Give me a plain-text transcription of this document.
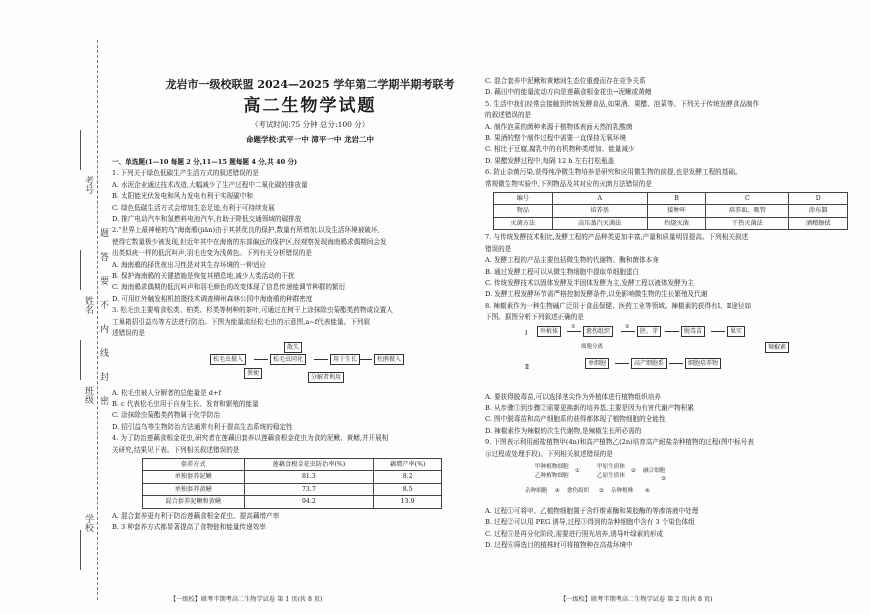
考号
姓名
班级
学校
题
答
要
不
内
线
封
密
龙岩市一级校联盟 2024—2025 学年第二学期半期考联考
高二生物学试题
（考试时间:75 分钟 总分:100 分）
命题学校:武平一中 漳平一中 龙岩二中

一、单选题(1—10 每题 2 分,11—15 题每题 4 分,共 40 分)

1. 下列关于绿色低碳生产生活方式的叙述错误的是

A. 水泥企业通过技术改造,大幅减少了生产过程中二氧化碳的排放量

B. 太阳能光伏发电和风力发电有利于实现碳中和

C. 绿色低碳生活方式会增加生态足迹,有利于可持续发展

D. 推广电动汽车和氢燃料电池汽车,有助于降低交通领域的碳排放

2.“世界上最神秘的鸟”海南鳽(jiān)由于其甚优良的保护,数量有所增加,以及生活环境被破坏,

使得它数量极少被发现,但近年其中在海南的东部偏远的保护区,经观察发现海南鳽求偶期间会发

出类似疣一样的低沉叫声,羽毛也变为浅黄色。下列有关分析错误的是

A. 海南鳽的择优夜出习性是对其生存环境的一种适应

B. 保护海南鳽的关键措施是恢复其栖息地,减少人类活动的干扰

C. 海南鳽求偶期的低沉叫声和羽毛颜色的改变体现了信息传递能调节种群的繁衍

D. 可用红外触发相机拍摄技术调查柳州森林公园中海南鳽的种群密度

3. 松毛虫主要啃食松类、柏类、杉类等树种的茶叶,可通过在树干上涂抹除虫菊酯类药物或设置人

工巢箱招引益鸟等方法进行防治。下图为能量流经松毛虫的示意图,a~f代表能量。下列叙

述错误的是

松毛虫摄入	松毛虫同化	用于生长	杜鹃摄入
散失
粪便
分解者利用

A. 松毛虫被人分解者的总能量是 d+f

B. c 代表松毛虫用于自身生长、发育和繁殖的能量

C. 涂抹除虫菊酯类药物属于化学防治

D. 招引益鸟等生物防治方法通常有利于提高生态系统的稳定性

4. 为了防治莲藕食根金花虫,研究者在莲藕田套养以莲藕食根金花虫为食的泥鳅、黄鳝,并开展相

关研究,结果见下表。下列相关叙述错误的是

套养方式	莲藕食根金花虫防治率(%)	藕增产率(%)
单独套养泥鳅	81.3	8.2
单独套养黄鳝	73.7	8.5
混合套养泥鳅和黄鳝	94.2	13.9

A. 混合套养更有利于防治莲藕食根金花虫、提高藕增产率

B. 3 种套养方式都显著提高了食物链和能量传递效率

C. 混合套养中泥鳅和黄鳝间生态位重叠而存在竞争关系

D. 藕田中的能量流动方向是莲藕食根金花虫→泥鳅或黄鳝

5. 生活中我们经常会接触到传统发酵食品,如果酒、果醋、泡菜等。下列关于传统发酵食品制作

的叙述错误的是

A. 制作泡菜的菌种来源于植物体表面天然的乳酸菌

B. 果酒的整个制作过程中需要一直保持无氧环境

C. 相比于豆腐,腐乳中的有机物种类增加、能量减少

D. 果醋发酵过程中,每隔 12 h 左右打松瓶盖

6. 防止杂菌污染,获得纯净微生物培养是研究和应用微生物的前提,也是发酵工程的基础。

常规微生物实验中,下列物品及其对应的灭菌方法错误的是

编号	A	B	C	D
物品	培养基	接种环	培养皿、吸管	涂布器
灭菌方法	高压蒸汽灭菌法	灼烧灭菌	干热灭菌法	酒精擦拭

7. 与传统发酵技术相比,发酵工程的产品种类更加丰富,产量和质量明显提高。下列相关叙述

错误的是

A. 发酵工程的产品主要包括微生物的代谢物、酶和菌体本身

B. 通过发酵工程可以从微生物细胞中提取单细胞蛋白

C. 传统发酵技术以固体发酵及半固体发酵为主,发酵工程以液体发酵为主

D. 发酵工程发酵环节需严格控制发酵条件,以免影响微生物的生长繁殖及代谢

8. 辣椒素作为一种生物碱广泛用于食品保健、医药工业等领域。辣椒素的获得有Ⅰ、Ⅱ途径如

下图。据图分析下列叙述正确的是

Ⅰ
Ⅱ
外植体
①
愈伤组织
②
胚、芽	脱毒苗	果实
辣椒素
细胞分离
单细胞	高产细胞系	细胞培养物

A. 要获得脱毒苗,可以选择茎尖作为外植体进行植物组织培养

B. 从步骤①到步骤②需要更换新的培养基,主要是因为有害代谢产物积累

C. 图中脱毒苗和高产细胞系的获得都体现了植物细胞的全能性

D. 辣椒素作为辣椒的次生代谢物,是辣椒生长所必需的

9. 下图表示利用耐盐植物甲(4n)和高产植物乙(2n)培育高产耐盐杂种植物的过程(图中标号表

示过程或处理手段)。下列相关叙述错误的是

甲种植物细胞
乙种植物细胞
①
甲原生质体
乙原生质体
② 融合细胞
杂种细胞 ④ 愈伤组织 ⑤ 杂种植株 ⑥
③

A. 过程①可将甲、乙植物细胞置于含纤维素酶和果胶酶的等渗溶液中处理

B. 过程②可以用 PEG 诱导,过程③得到的杂种细胞中含有 3 个染色体组

C. 过程⑤是再分化阶段,需要进行照光培养,诱导叶绿素的形成

D. 过程⑥筛选目的植株时可将植物种在高盐环境中

【一级校】联考半期考高二生物学试卷 第 1 页(共 8 页)	【一级校】联考半期考高二生物学试卷 第 2 页(共 8 页)
